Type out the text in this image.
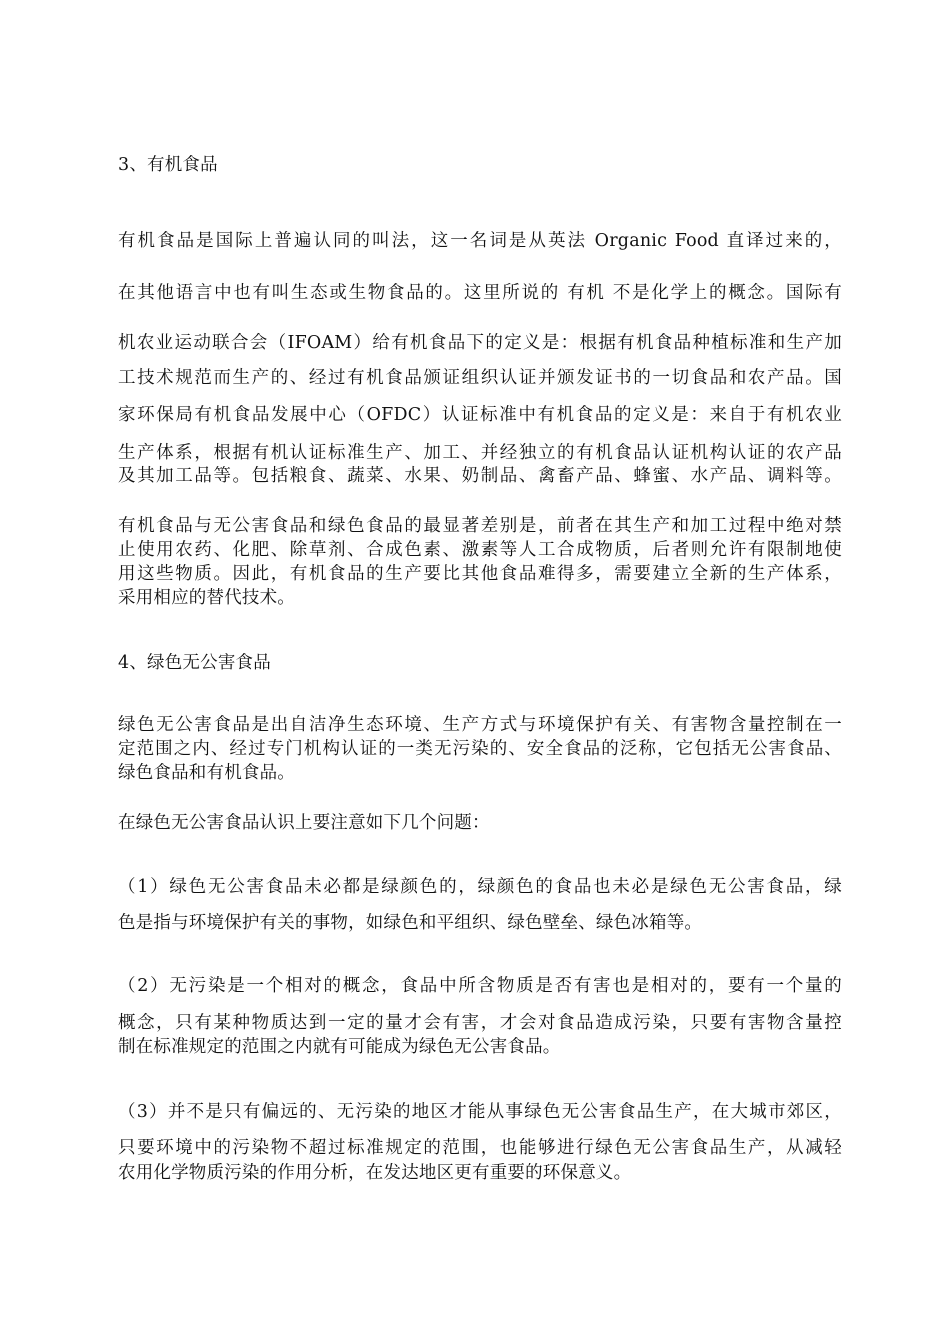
3、有机食品
有机食品是国际上普遍认同的叫法，这一名词是从英法 Organic Food 直译过来的，
在其他语言中也有叫生态或生物食品的。这里所说的 有机 不是化学上的概念。国际有
机农业运动联合会（IFOAM）给有机食品下的定义是：根据有机食品种植标准和生产加
工技术规范而生产的、经过有机食品颁证组织认证并颁发证书的一切食品和农产品。国
家环保局有机食品发展中心（OFDC）认证标准中有机食品的定义是：来自于有机农业
生产体系，根据有机认证标准生产、加工、并经独立的有机食品认证机构认证的农产品
及其加工品等。包括粮食、蔬菜、水果、奶制品、禽畜产品、蜂蜜、水产品、调料等。
有机食品与无公害食品和绿色食品的最显著差别是，前者在其生产和加工过程中绝对禁
止使用农药、化肥、除草剂、合成色素、激素等人工合成物质，后者则允许有限制地使
用这些物质。因此，有机食品的生产要比其他食品难得多，需要建立全新的生产体系，
采用相应的替代技术。
4、绿色无公害食品
绿色无公害食品是出自洁净生态环境、生产方式与环境保护有关、有害物含量控制在一
定范围之内、经过专门机构认证的一类无污染的、安全食品的泛称，它包括无公害食品、
绿色食品和有机食品。
在绿色无公害食品认识上要注意如下几个问题：
（1）绿色无公害食品未必都是绿颜色的，绿颜色的食品也未必是绿色无公害食品，绿
色是指与环境保护有关的事物，如绿色和平组织、绿色壁垒、绿色冰箱等。
（2）无污染是一个相对的概念，食品中所含物质是否有害也是相对的，要有一个量的
概念，只有某种物质达到一定的量才会有害，才会对食品造成污染，只要有害物含量控
制在标准规定的范围之内就有可能成为绿色无公害食品。
（3）并不是只有偏远的、无污染的地区才能从事绿色无公害食品生产，在大城市郊区，
只要环境中的污染物不超过标准规定的范围，也能够进行绿色无公害食品生产，从减轻
农用化学物质污染的作用分析，在发达地区更有重要的环保意义。
